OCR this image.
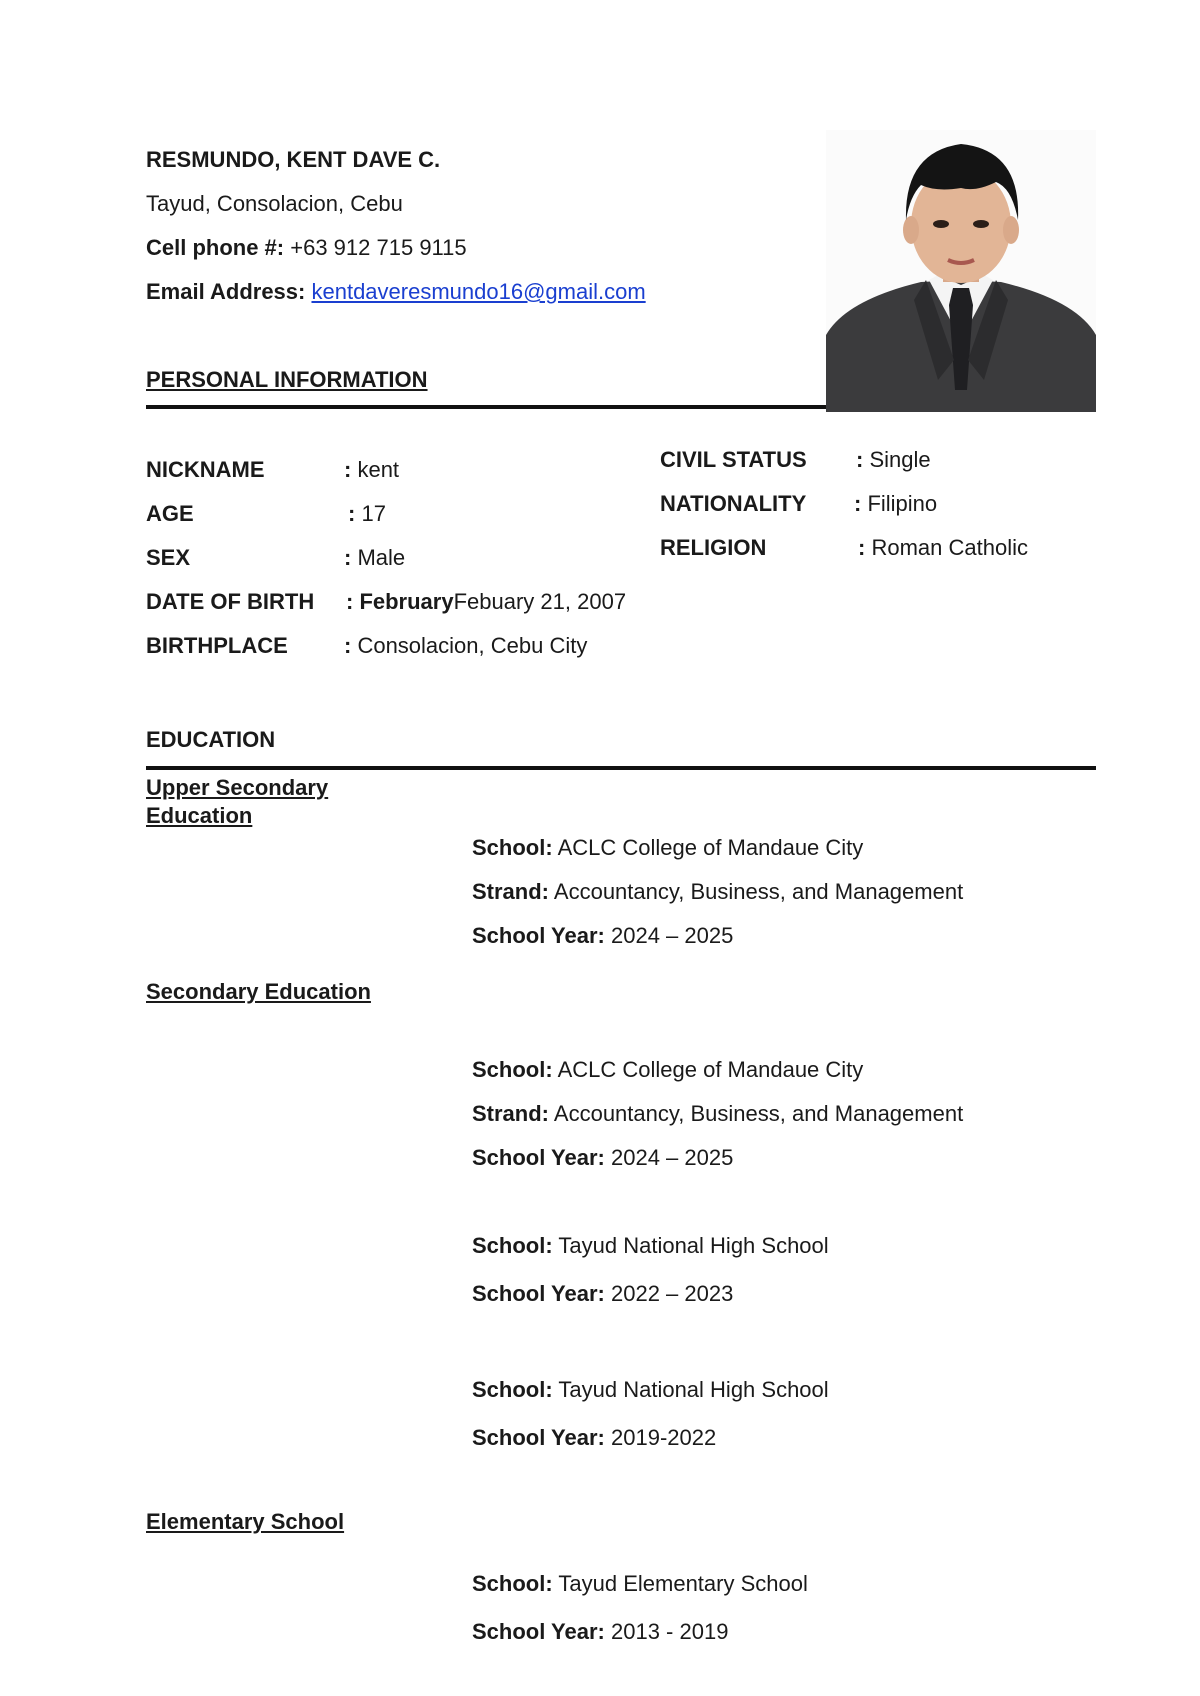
RESMUNDO, KENT DAVE C.
Tayud, Consolacion, Cebu
Cell phone #: +63 912 715 9115
Email Address: kentdaveresmundo16@gmail.com
PERSONAL INFORMATION
NICKNAME	: kent
AGE	: 17
SEX	: Male
DATE OF BIRTH : FebruaryFebuary 21, 2007
BIRTHPLACE	: Consolacion, Cebu City
CIVIL STATUS : Single
NATIONALITY : Filipino
RELIGION	: Roman Catholic
EDUCATION
Upper Secondary
Education
School: ACLC College of Mandaue City
Strand: Accountancy, Business, and Management
School Year: 2024 – 2025
Secondary Education
School: ACLC College of Mandaue City
Strand: Accountancy, Business, and Management
School Year: 2024 – 2025
School: Tayud National High School
School Year: 2022 – 2023
School: Tayud National High School
School Year: 2019-2022
Elementary School
School: Tayud Elementary School
School Year: 2013 - 2019
